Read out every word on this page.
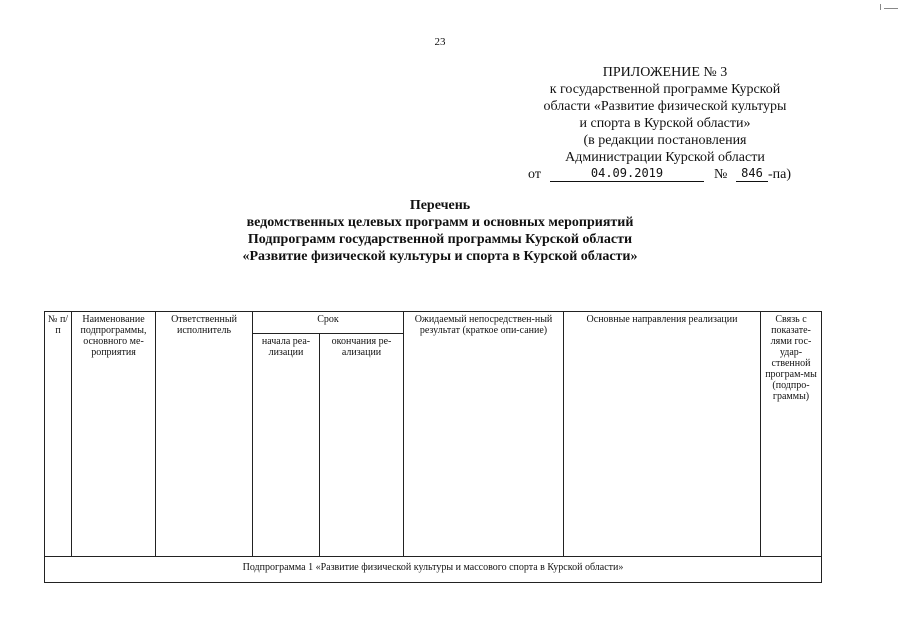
23
ПРИЛОЖЕНИЕ № 3
к государственной программе Курской
области «Развитие физической культуры
и спорта в Курской области»
(в редакции постановления
Администрации Курской области
от	04.09.2019	№	846 -па)
Перечень
ведомственных целевых программ и основных мероприятий
Подпрограмм государственной программы Курской области
«Развитие физической культуры и спорта в Курской области»
№ п/п	Наименование подпрограммы, основного ме-роприятия	Ответственный исполнитель	Срок		Ожидаемый непосредствен-ный результат (краткое опи-сание)	Основные направления реализации	Связь с показате-лями гос-удар-ственной програм-мы (подпро-граммы)
			начала реа-лизации	окончания ре-ализации			
Подпрограмма 1 «Развитие физической культуры и массового спорта в Курской области»							
